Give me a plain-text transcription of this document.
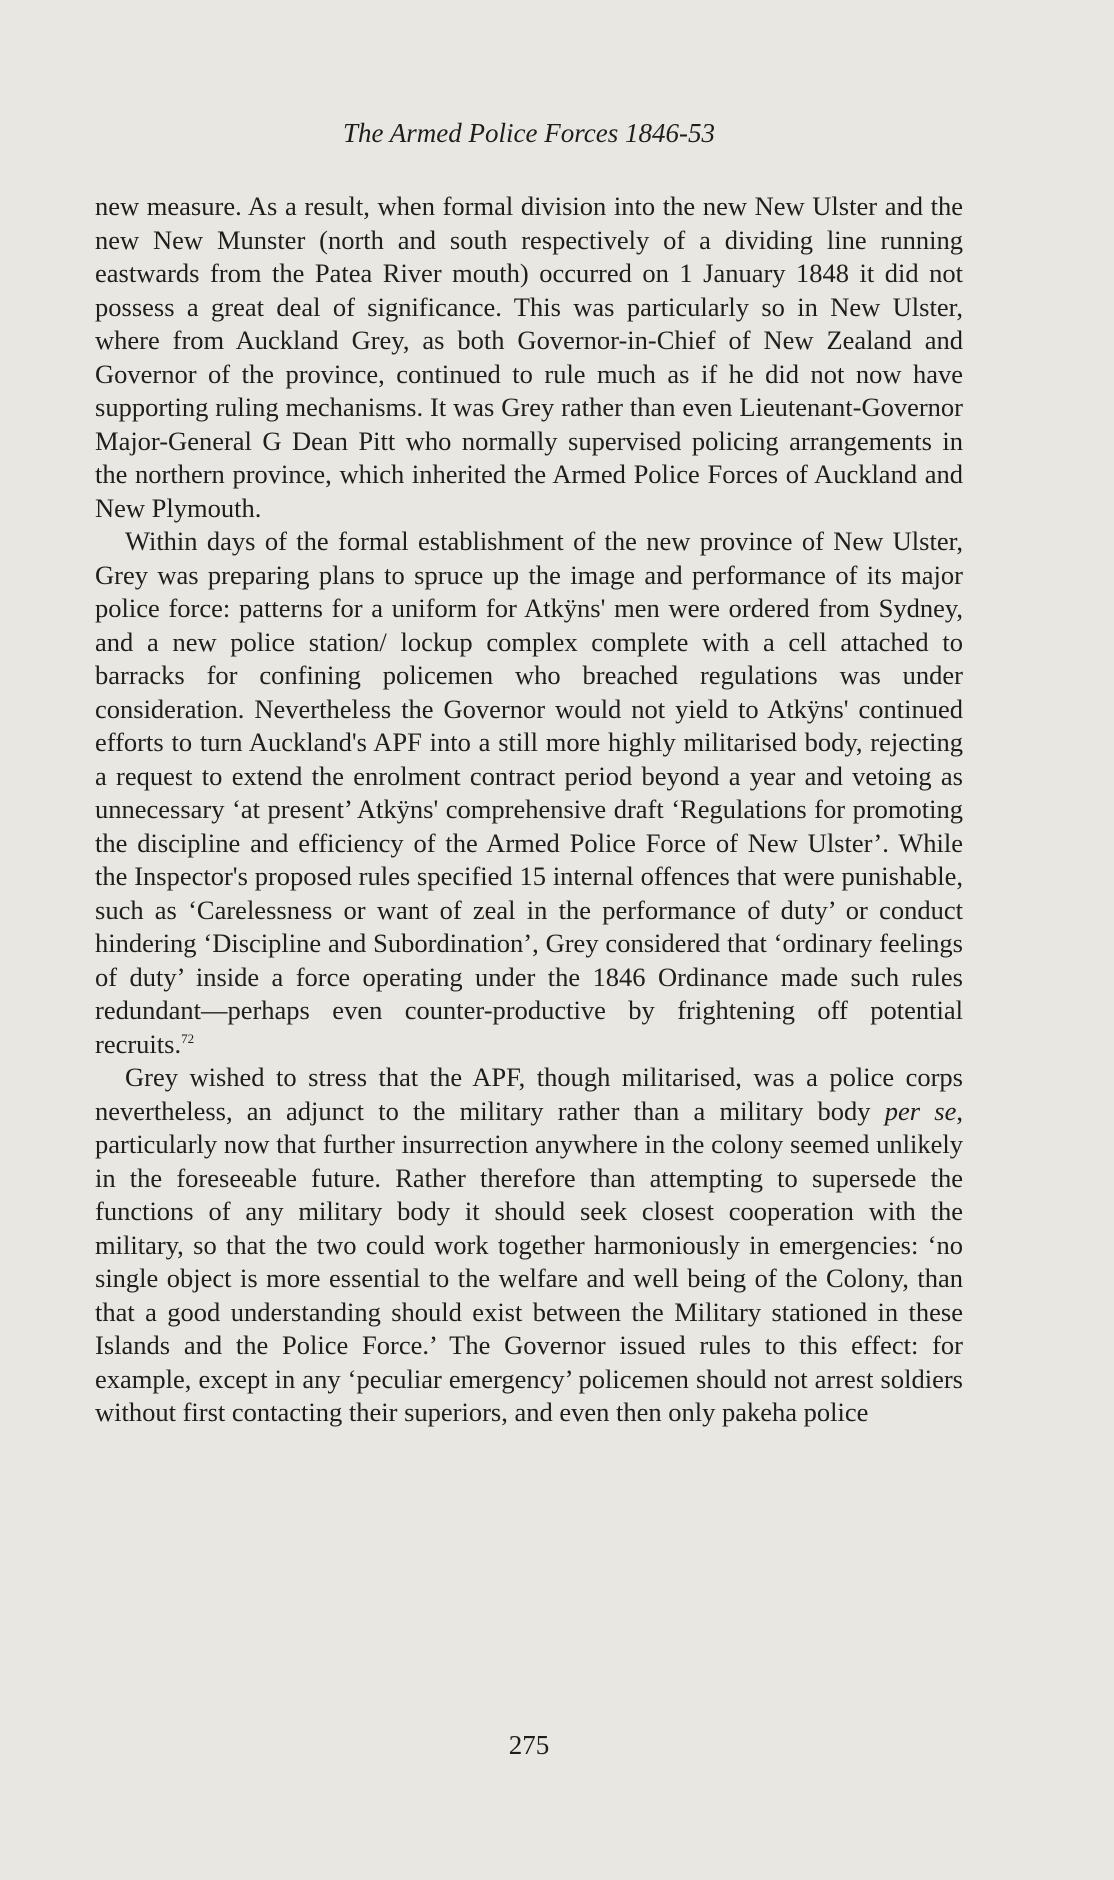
The Armed Police Forces 1846-53

new measure. As a result, when formal division into the new New Ulster and the new New Munster (north and south respectively of a dividing line running eastwards from the Patea River mouth) occurred on 1 January 1848 it did not possess a great deal of significance. This was particularly so in New Ulster, where from Auckland Grey, as both Governor-in-Chief of New Zealand and Governor of the province, continued to rule much as if he did not now have supporting ruling mechanisms. It was Grey rather than even Lieutenant-Governor Major-General G Dean Pitt who normally supervised policing arrangements in the northern province, which inherited the Armed Police Forces of Auckland and New Plymouth.

Within days of the formal establishment of the new province of New Ulster, Grey was preparing plans to spruce up the image and performance of its major police force: patterns for a uniform for Atkÿns' men were ordered from Sydney, and a new police station/ lockup complex complete with a cell attached to barracks for confining policemen who breached regulations was under consideration. Nevertheless the Governor would not yield to Atkÿns' continued efforts to turn Auckland's APF into a still more highly militarised body, rejecting a request to extend the enrolment contract period beyond a year and vetoing as unnecessary ‘at present’ Atkÿns' comprehensive draft ‘Regulations for promoting the discipline and efficiency of the Armed Police Force of New Ulster’. While the Inspector's proposed rules specified 15 internal offences that were punishable, such as ‘Carelessness or want of zeal in the performance of duty’ or conduct hindering ‘Discipline and Subordination’, Grey considered that ‘ordinary feelings of duty’ inside a force operating under the 1846 Ordinance made such rules redundant—perhaps even counter-productive by frightening off potential recruits.$^{72}$

Grey wished to stress that the APF, though militarised, was a police corps nevertheless, an adjunct to the military rather than a military body per se, particularly now that further insurrection anywhere in the colony seemed unlikely in the foreseeable future. Rather therefore than attempting to supersede the functions of any military body it should seek closest cooperation with the military, so that the two could work together harmoniously in emergencies: ‘no single object is more essential to the welfare and well being of the Colony, than that a good understanding should exist between the Military stationed in these Islands and the Police Force.’ The Governor issued rules to this effect: for example, except in any ‘peculiar emergency’ policemen should not arrest soldiers without first contacting their superiors, and even then only pakeha police

275
